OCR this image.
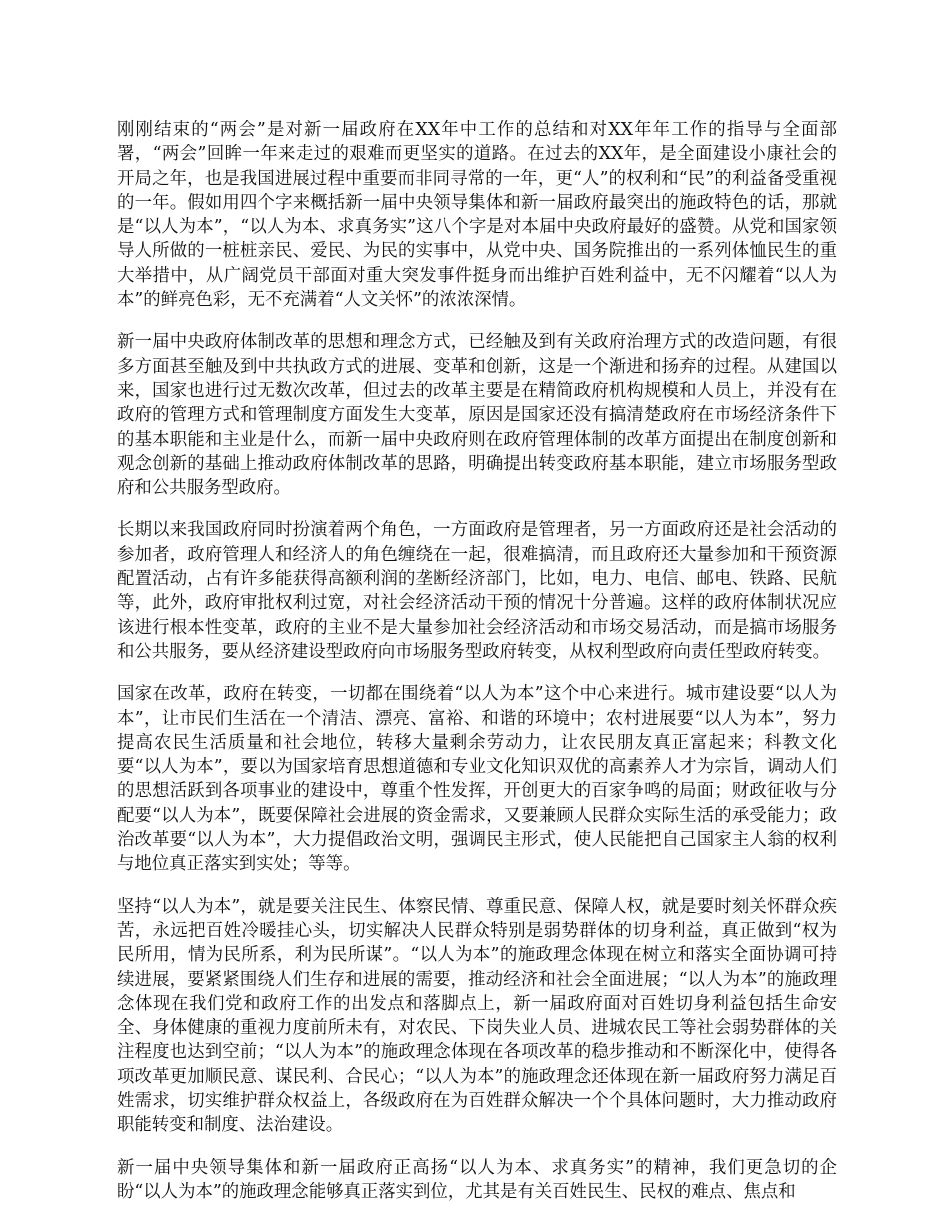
刚刚结束的“两会”是对新一届政府在XX年中工作的总结和对XX年年工作的指导与全面部署，“两会”回眸一年来走过的艰难而更坚实的道路。在过去的XX年，是全面建设小康社会的开局之年，也是我国进展过程中重要而非同寻常的一年，更“人”的权利和“民”的利益备受重视的一年。假如用四个字来概括新一届中央领导集体和新一届政府最突出的施政特色的话，那就是“以人为本”，“以人为本、求真务实”这八个字是对本届中央政府最好的盛赞。从党和国家领导人所做的一桩桩亲民、爱民、为民的实事中，从党中央、国务院推出的一系列体恤民生的重大举措中，从广阔党员干部面对重大突发事件挺身而出维护百姓利益中，无不闪耀着“以人为本”的鲜亮色彩，无不充满着“人文关怀”的浓浓深情。

新一届中央政府体制改革的思想和理念方式，已经触及到有关政府治理方式的改造问题，有很多方面甚至触及到中共执政方式的进展、变革和创新，这是一个渐进和扬弃的过程。从建国以来，国家也进行过无数次改革，但过去的改革主要是在精简政府机构规模和人员上，并没有在政府的管理方式和管理制度方面发生大变革，原因是国家还没有搞清楚政府在市场经济条件下的基本职能和主业是什么，而新一届中央政府则在政府管理体制的改革方面提出在制度创新和观念创新的基础上推动政府体制改革的思路，明确提出转变政府基本职能，建立市场服务型政府和公共服务型政府。

长期以来我国政府同时扮演着两个角色，一方面政府是管理者，另一方面政府还是社会活动的参加者，政府管理人和经济人的角色缠绕在一起，很难搞清，而且政府还大量参加和干预资源配置活动，占有许多能获得高额利润的垄断经济部门，比如，电力、电信、邮电、铁路、民航等，此外，政府审批权利过宽，对社会经济活动干预的情况十分普遍。这样的政府体制状况应该进行根本性变革，政府的主业不是大量参加社会经济活动和市场交易活动，而是搞市场服务和公共服务，要从经济建设型政府向市场服务型政府转变，从权利型政府向责任型政府转变。

国家在改革，政府在转变，一切都在围绕着“以人为本”这个中心来进行。城市建设要“以人为本”，让市民们生活在一个清洁、漂亮、富裕、和谐的环境中；农村进展要“以人为本”，努力提高农民生活质量和社会地位，转移大量剩余劳动力，让农民朋友真正富起来；科教文化要“以人为本”，要以为国家培育思想道德和专业文化知识双优的高素养人才为宗旨，调动人们的思想活跃到各项事业的建设中，尊重个性发挥，开创更大的百家争鸣的局面；财政征收与分配要“以人为本”，既要保障社会进展的资金需求，又要兼顾人民群众实际生活的承受能力；政治改革要“以人为本”，大力提倡政治文明，强调民主形式，使人民能把自己国家主人翁的权利与地位真正落实到实处；等等。

坚持“以人为本”，就是要关注民生、体察民情、尊重民意、保障人权，就是要时刻关怀群众疾苦，永远把百姓冷暖挂心头，切实解决人民群众特别是弱势群体的切身利益，真正做到“权为民所用，情为民所系，利为民所谋”。“以人为本”的施政理念体现在树立和落实全面协调可持续进展，要紧紧围绕人们生存和进展的需要，推动经济和社会全面进展；“以人为本”的施政理念体现在我们党和政府工作的出发点和落脚点上，新一届政府面对百姓切身利益包括生命安全、身体健康的重视力度前所未有，对农民、下岗失业人员、进城农民工等社会弱势群体的关注程度也达到空前；“以人为本”的施政理念体现在各项改革的稳步推动和不断深化中，使得各项改革更加顺民意、谋民利、合民心；“以人为本”的施政理念还体现在新一届政府努力满足百姓需求，切实维护群众权益上，各级政府在为百姓群众解决一个个具体问题时，大力推动政府职能转变和制度、法治建设。

新一届中央领导集体和新一届政府正高扬“以人为本、求真务实”的精神，我们更急切的企盼“以人为本”的施政理念能够真正落实到位，尤其是有关百姓民生、民权的难点、焦点和
